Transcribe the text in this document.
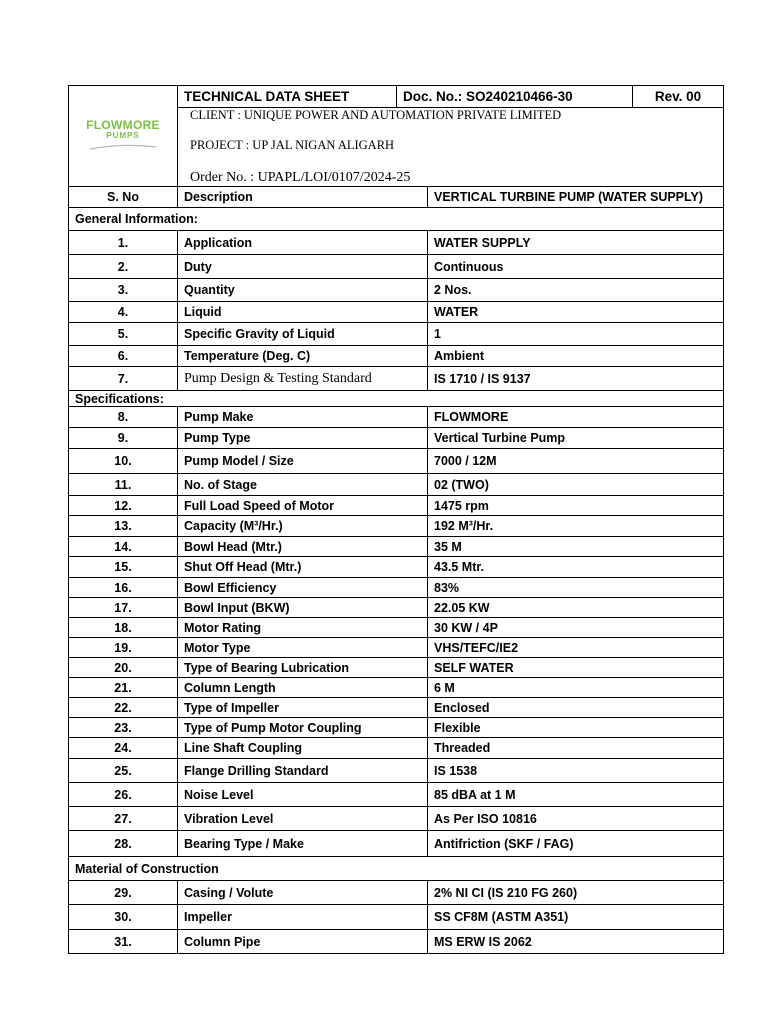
FLOWMORE
PUMPS
	TECHNICAL DATA SHEET	Doc. No.: SO240210466-30	Rev. 00

CLIENT : UNIQUE POWER AND AUTOMATION PRIVATE LIMITED
PROJECT : UP JAL NIGAN ALIGARH
Order No. : UPAPL/LOI/0107/2024-25
S. No	Description	VERTICAL TURBINE PUMP (WATER SUPPLY)
General Information:		
1.	Application	WATER SUPPLY
2.	Duty	Continuous
3.	Quantity	2 Nos.
4.	Liquid	WATER
5.	Specific Gravity of Liquid	1
6.	Temperature (Deg. C)	Ambient
7.	Pump Design & Testing Standard	IS 1710 / IS 9137
Specifications:		
8.	Pump Make	FLOWMORE
9.	Pump Type	Vertical Turbine Pump
10.	Pump Model / Size	7000 / 12M
11.	No. of Stage	02 (TWO)
12.	Full Load Speed of Motor	1475 rpm
13.	Capacity (M³/Hr.)	192 M³/Hr.
14.	Bowl Head (Mtr.)	35 M
15.	Shut Off Head (Mtr.)	43.5 Mtr.
16.	Bowl Efficiency	83%
17.	Bowl Input (BKW)	22.05 KW
18.	Motor Rating	30 KW / 4P
19.	Motor Type	VHS/TEFC/IE2
20.	Type of Bearing Lubrication	SELF WATER
21.	Column Length	6 M
22.	Type of Impeller	Enclosed
23.	Type of Pump Motor Coupling	Flexible
24.	Line Shaft Coupling	Threaded
25.	Flange Drilling Standard	IS 1538
26.	Noise Level	85 dBA at 1 M
27.	Vibration Level	As Per ISO 10816
28.	Bearing Type / Make	Antifriction (SKF / FAG)
Material of Construction		
29.	Casing / Volute	2% NI CI (IS 210 FG 260)
30.	Impeller	SS CF8M (ASTM A351)
31.	Column Pipe	MS ERW IS 2062
